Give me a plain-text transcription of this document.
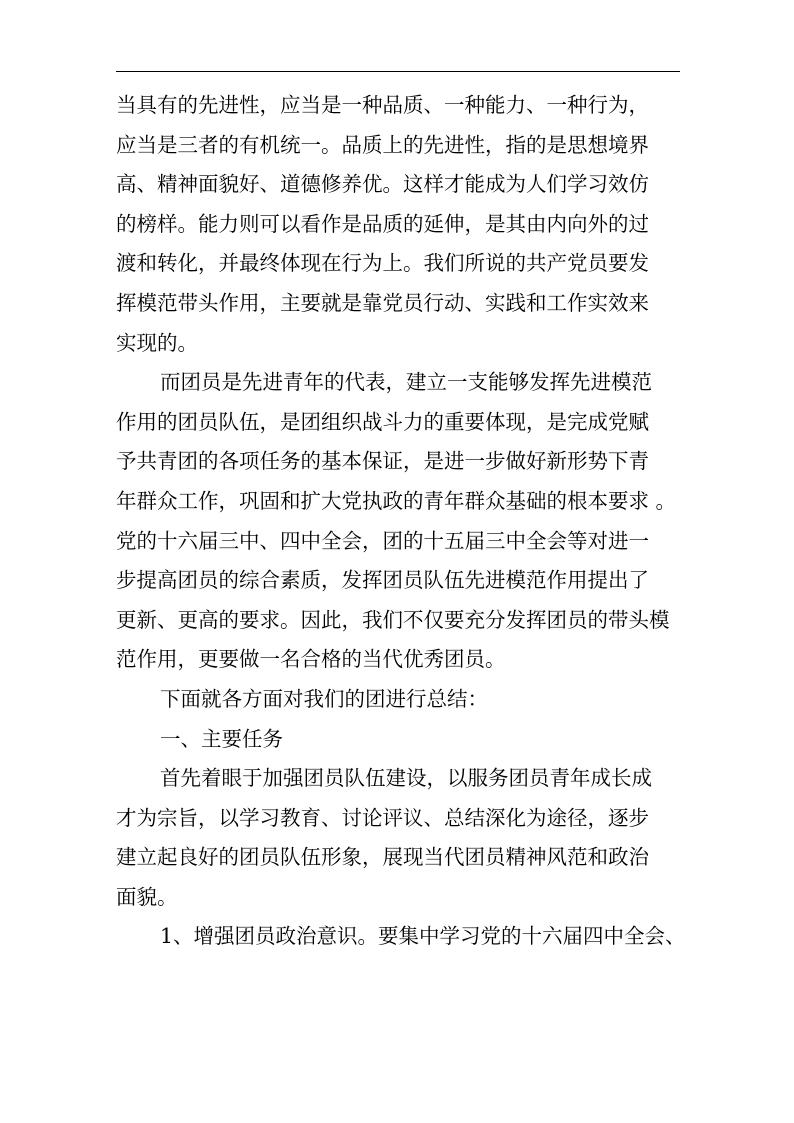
当具有的先进性，应当是一种品质、一种能力、一种行为，
应当是三者的有机统一。品质上的先进性，指的是思想境界
高、精神面貌好、道德修养优。这样才能成为人们学习效仿
的榜样。能力则可以看作是品质的延伸，是其由内向外的过
渡和转化，并最终体现在行为上。我们所说的共产党员要发
挥模范带头作用，主要就是靠党员行动、实践和工作实效来
实现的。
而团员是先进青年的代表，建立一支能够发挥先进模范
作用的团员队伍，是团组织战斗力的重要体现，是完成党赋
予共青团的各项任务的基本保证，是进一步做好新形势下青
年群众工作，巩固和扩大党执政的青年群众基础的根本要求 。
党的十六届三中、四中全会，团的十五届三中全会等对进一
步提高团员的综合素质，发挥团员队伍先进模范作用提出了
更新、更高的要求。因此，我们不仅要充分发挥团员的带头模
范作用，更要做一名合格的当代优秀团员。
下面就各方面对我们的团进行总结：
一、主要任务
首先着眼于加强团员队伍建设，以服务团员青年成长成
才为宗旨，以学习教育、讨论评议、总结深化为途径，逐步
建立起良好的团员队伍形象，展现当代团员精神风范和政治
面貌。
1、增强团员政治意识。要集中学习党的十六届四中全会、
